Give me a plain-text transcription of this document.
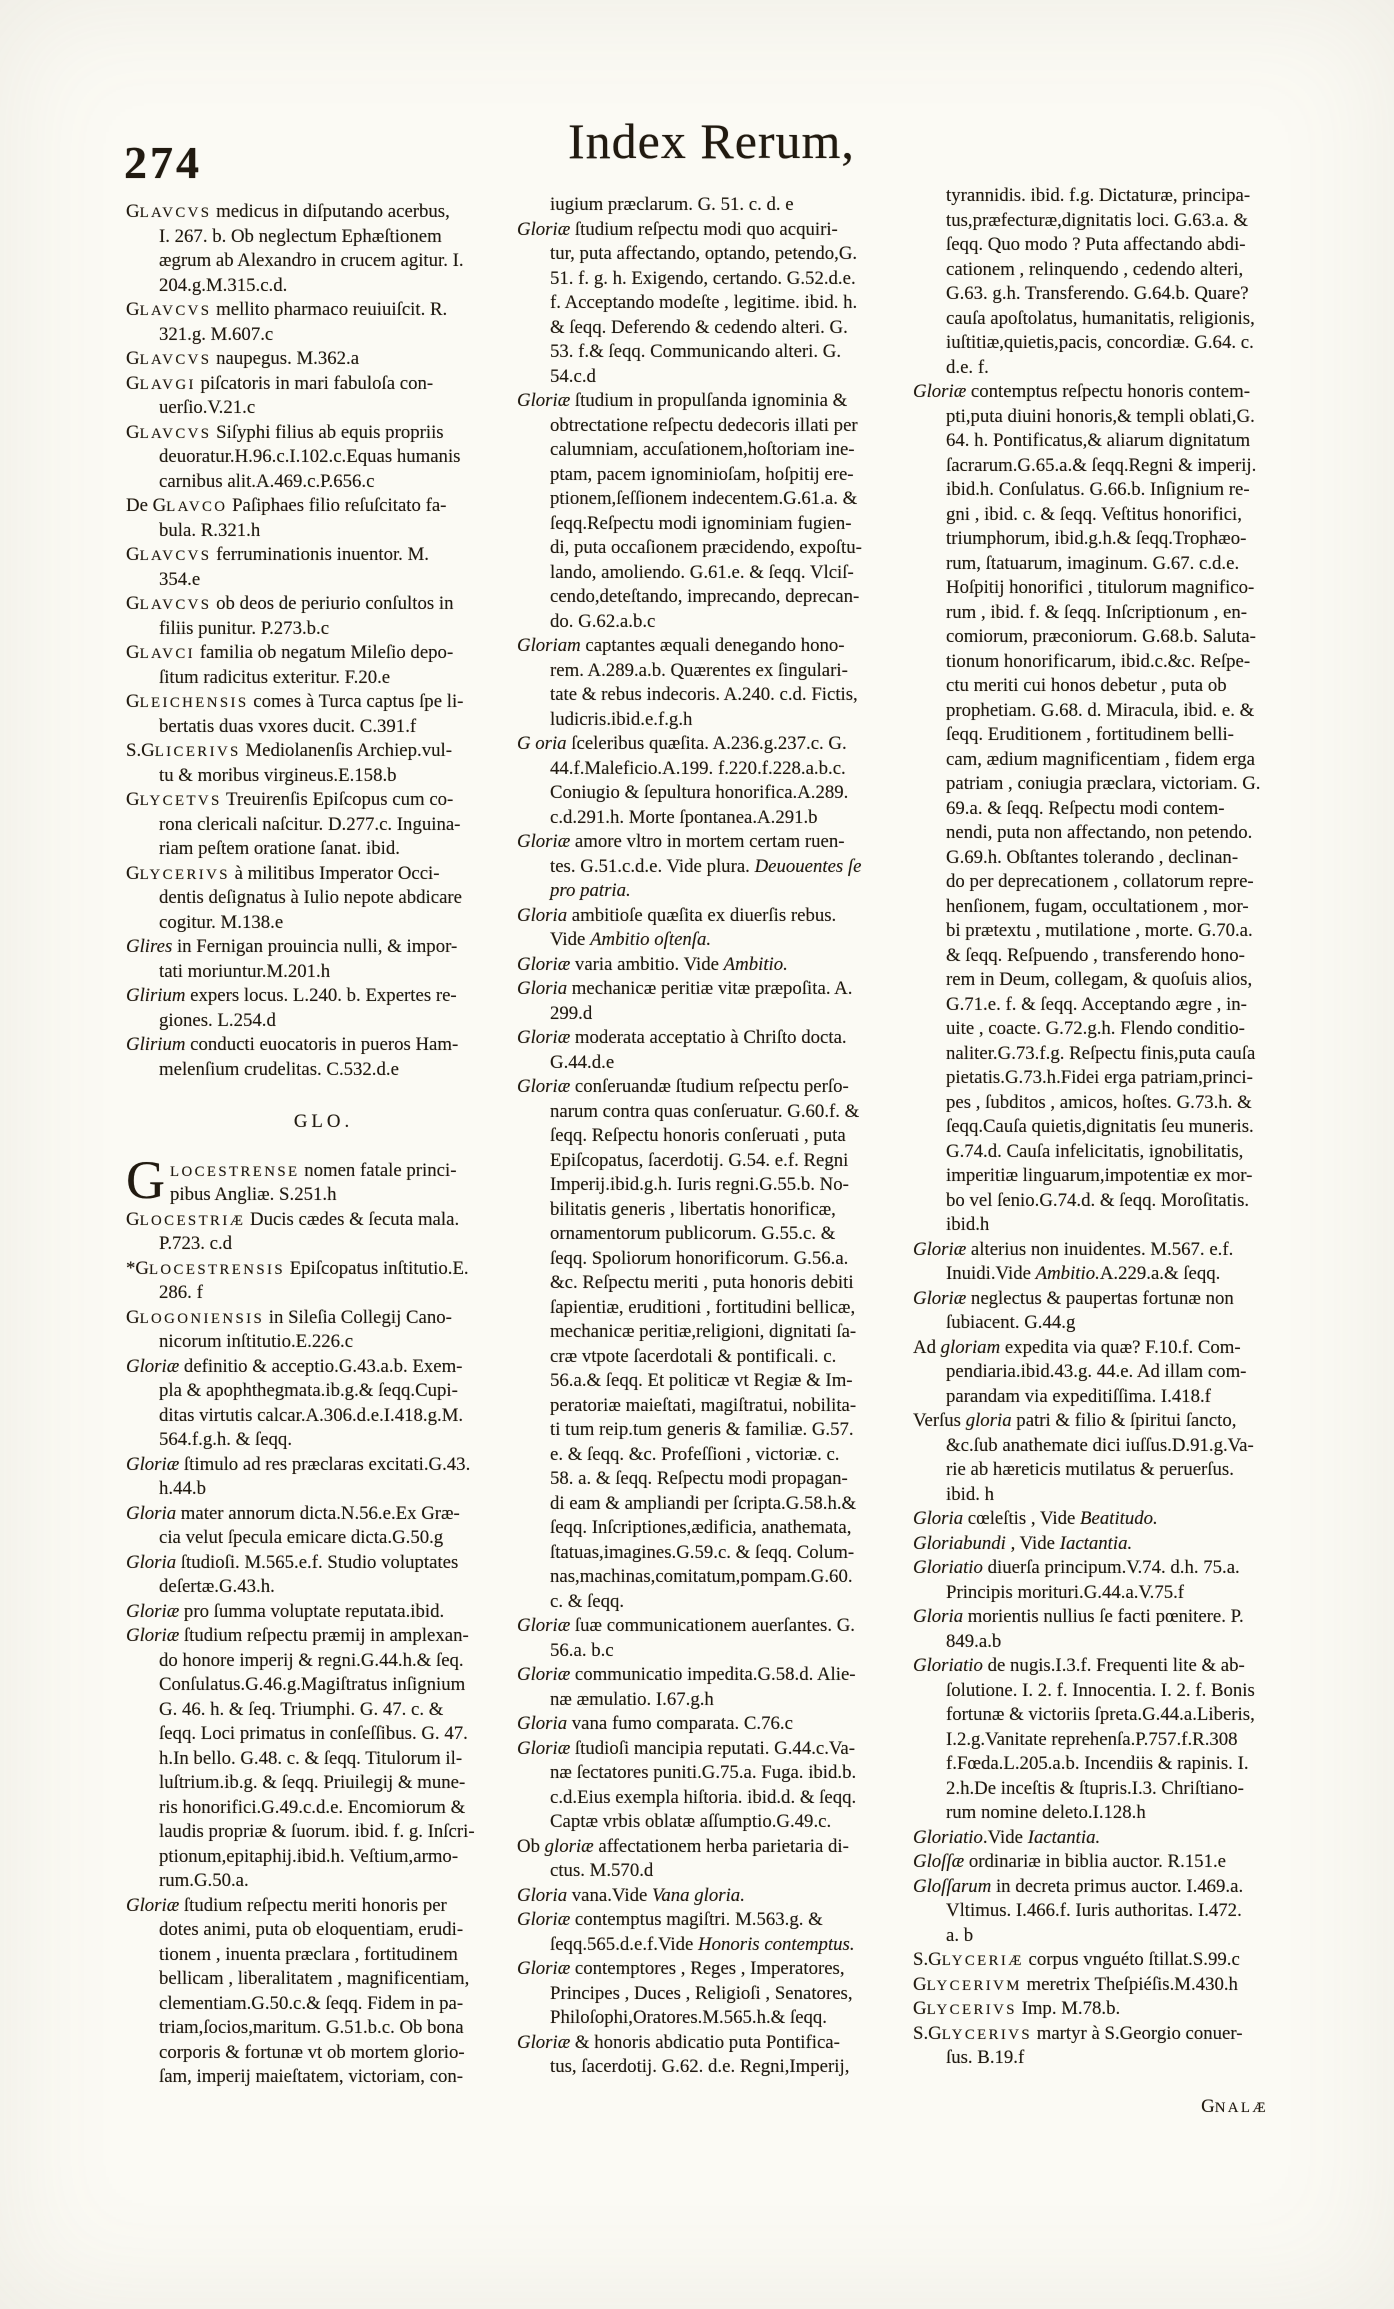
274	Index Rerum,
GLAVCVS medicus in diſputando acerbus,
I. 267. b. Ob neglectum Ephæſtionem
ægrum ab Alexandro in crucem agitur. I.
204.g.M.315.c.d.
GLAVCVS mellito pharmaco reuiuiſcit. R.
321.g. M.607.c
GLAVCVS naupegus. M.362.a
GLAVGI piſcatoris in mari fabuloſa con-
uerſio.V.21.c
GLAVCVS Siſyphi filius ab equis propriis
deuoratur.H.96.c.I.102.c.Equas humanis
carnibus alit.A.469.c.P.656.c
De GLAVCO Paſiphaes filio reſuſcitato fa-
bula. R.321.h
GLAVCVS ferruminationis inuentor. M.
354.e
GLAVCVS ob deos de periurio conſultos in
filiis punitur. P.273.b.c
GLAVCI familia ob negatum Mileſio depo-
ſitum radicitus exteritur. F.20.e
GLEICHENSIS comes à Turca captus ſpe li-
bertatis duas vxores ducit. C.391.f
S.GLICERIVS Mediolanenſis Archiep.vul-
tu & moribus virgineus.E.158.b
GLYCETVS Treuirenſis Epiſcopus cum co-
rona clericali naſcitur. D.277.c. Inguina-
riam peſtem oratione ſanat. ibid.
GLYCERIVS à militibus Imperator Occi-
dentis deſignatus à Iulio nepote abdicare
cogitur. M.138.e
Glires in Fernigan prouincia nulli, & impor-
tati moriuntur.M.201.h
Glirium expers locus. L.240. b. Expertes re-
giones. L.254.d
Glirium conducti euocatoris in pueros Ham-
melenſium crudelitas. C.532.d.e

GLO.

GLOCESTRENSE nomen fatale princi-
pibus Angliæ. S.251.h
GLOCESTRIÆ Ducis cædes & ſecuta mala.
P.723. c.d
*GLOCESTRENSIS Epiſcopatus inſtitutio.E.
286. f
GLOGONIENSIS in Sileſia Collegij Cano-
nicorum inſtitutio.E.226.c
Gloriæ definitio & acceptio.G.43.a.b. Exem-
pla & apophthegmata.ib.g.& ſeqq.Cupi-
ditas virtutis calcar.A.306.d.e.I.418.g.M.
564.f.g.h. & ſeqq.
Gloriæ ſtimulo ad res præclaras excitati.G.43.
h.44.b
Gloria mater annorum dicta.N.56.e.Ex Græ-
cia velut ſpecula emicare dicta.G.50.g
Gloria ſtudioſi. M.565.e.f. Studio voluptates
deſertæ.G.43.h.
Gloriæ pro ſumma voluptate reputata.ibid.
Gloriæ ſtudium reſpectu præmij in amplexan-
do honore imperij & regni.G.44.h.& ſeq.
Conſulatus.G.46.g.Magiſtratus inſignium
G. 46. h. & ſeq. Triumphi. G. 47. c. &
ſeqq. Loci primatus in conſeſſibus. G. 47.
h.In bello. G.48. c. & ſeqq. Titulorum il-
luſtrium.ib.g. & ſeqq. Priuilegij & mune-
ris honorifici.G.49.c.d.e. Encomiorum &
laudis propriæ & ſuorum. ibid. f. g. Inſcri-
ptionum,epitaphij.ibid.h. Veſtium,armo-
rum.G.50.a.
Gloriæ ſtudium reſpectu meriti honoris per
dotes animi, puta ob eloquentiam, erudi-
tionem , inuenta præclara , fortitudinem
bellicam , liberalitatem , magnificentiam,
clementiam.G.50.c.& ſeqq. Fidem in pa-
triam,ſocios,maritum. G.51.b.c. Ob bona
corporis & fortunæ vt ob mortem glorio-
ſam, imperij maieſtatem, victoriam, con-
iugium præclarum. G. 51. c. d. e
Gloriæ ſtudium reſpectu modi quo acquiri-
tur, puta affectando, optando, petendo,G.
51. f. g. h. Exigendo, certando. G.52.d.e.
f. Acceptando modeſte , legitime. ibid. h.
& ſeqq. Deferendo & cedendo alteri. G.
53. f.& ſeqq. Communicando alteri. G.
54.c.d
Gloriæ ſtudium in propulſanda ignominia &
obtrectatione reſpectu dedecoris illati per
calumniam, accuſationem,hoſtoriam ine-
ptam, pacem ignominioſam, hoſpitij ere-
ptionem,ſeſſionem indecentem.G.61.a. &
ſeqq.Reſpectu modi ignominiam fugien-
di, puta occaſionem præcidendo, expoſtu-
lando, amoliendo. G.61.e. & ſeqq. Vlciſ-
cendo,deteſtando, imprecando, deprecan-
do. G.62.a.b.c
Gloriam captantes æquali denegando hono-
rem. A.289.a.b. Quærentes ex ſingulari-
tate & rebus indecoris. A.240. c.d. Fictis,
ludicris.ibid.e.f.g.h
G oria ſceleribus quæſita. A.236.g.237.c. G.
44.f.Maleficio.A.199. f.220.f.228.a.b.c.
Coniugio & ſepultura honorifica.A.289.
c.d.291.h. Morte ſpontanea.A.291.b
Gloriæ amore vltro in mortem certam ruen-
tes. G.51.c.d.e. Vide plura. Deuouentes ſe
pro patria.
Gloria ambitioſe quæſita ex diuerſis rebus.
Vide Ambitio oſtenſa.
Gloriæ varia ambitio. Vide Ambitio.
Gloria mechanicæ peritiæ vitæ præpoſita. A.
299.d
Gloriæ moderata acceptatio à Chriſto docta.
G.44.d.e
Gloriæ conſeruandæ ſtudium reſpectu perſo-
narum contra quas conſeruatur. G.60.f. &
ſeqq. Reſpectu honoris conſeruati , puta
Epiſcopatus, ſacerdotij. G.54. e.f. Regni
Imperij.ibid.g.h. Iuris regni.G.55.b. No-
bilitatis generis , libertatis honorificæ,
ornamentorum publicorum. G.55.c. &
ſeqq. Spoliorum honorificorum. G.56.a.
&c. Reſpectu meriti , puta honoris debiti
ſapientiæ, eruditioni , fortitudini bellicæ,
mechanicæ peritiæ,religioni, dignitati ſa-
cræ vtpote ſacerdotali & pontificali. c.
56.a.& ſeqq. Et politicæ vt Regiæ & Im-
peratoriæ maieſtati, magiſtratui, nobilita-
ti tum reip.tum generis & familiæ. G.57.
e. & ſeqq. &c. Profeſſioni , victoriæ. c.
58. a. & ſeqq. Reſpectu modi propagan-
di eam & ampliandi per ſcripta.G.58.h.&
ſeqq. Inſcriptiones,ædificia, anathemata,
ſtatuas,imagines.G.59.c. & ſeqq. Colum-
nas,machinas,comitatum,pompam.G.60.
c. & ſeqq.
Gloriæ ſuæ communicationem auerſantes. G.
56.a. b.c
Gloriæ communicatio impedita.G.58.d. Alie-
næ æmulatio. I.67.g.h
Gloria vana fumo comparata. C.76.c
Gloriæ ſtudioſi mancipia reputati. G.44.c.Va-
næ ſectatores puniti.G.75.a. Fuga. ibid.b.
c.d.Eius exempla hiſtoria. ibid.d. & ſeqq.
Captæ vrbis oblatæ aſſumptio.G.49.c.
Ob gloriæ affectationem herba parietaria di-
ctus. M.570.d
Gloria vana.Vide Vana gloria.
Gloriæ contemptus magiſtri. M.563.g. &
ſeqq.565.d.e.f.Vide Honoris contemptus.
Gloriæ contemptores , Reges , Imperatores,
Principes , Duces , Religioſi , Senatores,
Philoſophi,Oratores.M.565.h.& ſeqq.
Gloriæ & honoris abdicatio puta Pontifica-
tus, ſacerdotij. G.62. d.e. Regni,Imperij,
tyrannidis. ibid. f.g. Dictaturæ, principa-
tus,præfecturæ,dignitatis loci. G.63.a. &
ſeqq. Quo modo ? Puta affectando abdi-
cationem , relinquendo , cedendo alteri,
G.63. g.h. Transferendo. G.64.b. Quare?
cauſa apoſtolatus, humanitatis, religionis,
iuſtitiæ,quietis,pacis, concordiæ. G.64. c.
d.e. f.
Gloriæ contemptus reſpectu honoris contem-
pti,puta diuini honoris,& templi oblati,G.
64. h. Pontificatus,& aliarum dignitatum
ſacrarum.G.65.a.& ſeqq.Regni & imperij.
ibid.h. Conſulatus. G.66.b. Inſignium re-
gni , ibid. c. & ſeqq. Veſtitus honorifici,
triumphorum, ibid.g.h.& ſeqq.Trophæo-
rum, ſtatuarum, imaginum. G.67. c.d.e.
Hoſpitij honorifici , titulorum magnifico-
rum , ibid. f. & ſeqq. Inſcriptionum , en-
comiorum, præconiorum. G.68.b. Saluta-
tionum honorificarum, ibid.c.&c. Reſpe-
ctu meriti cui honos debetur , puta ob
prophetiam. G.68. d. Miracula, ibid. e. &
ſeqq. Eruditionem , fortitudinem belli-
cam, ædium magnificentiam , fidem erga
patriam , coniugia præclara, victoriam. G.
69.a. & ſeqq. Reſpectu modi contem-
nendi, puta non affectando, non petendo.
G.69.h. Obſtantes tolerando , declinan-
do per deprecationem , collatorum repre-
henſionem, fugam, occultationem , mor-
bi prætextu , mutilatione , morte. G.70.a.
& ſeqq. Reſpuendo , transferendo hono-
rem in Deum, collegam, & quoſuis alios,
G.71.e. f. & ſeqq. Acceptando ægre , in-
uite , coacte. G.72.g.h. Flendo conditio-
naliter.G.73.f.g. Reſpectu finis,puta cauſa
pietatis.G.73.h.Fidei erga patriam,princi-
pes , ſubditos , amicos, hoſtes. G.73.h. &
ſeqq.Cauſa quietis,dignitatis ſeu muneris.
G.74.d. Cauſa infelicitatis, ignobilitatis,
imperitiæ linguarum,impotentiæ ex mor-
bo vel ſenio.G.74.d. & ſeqq. Moroſitatis.
ibid.h
Gloriæ alterius non inuidentes. M.567. e.f.
Inuidi.Vide Ambitio.A.229.a.& ſeqq.
Gloriæ neglectus & paupertas fortunæ non
ſubiacent. G.44.g
Ad gloriam expedita via quæ? F.10.f. Com-
pendiaria.ibid.43.g. 44.e. Ad illam com-
parandam via expeditiſſima. I.418.f
Verſus gloria patri & filio & ſpiritui ſancto,
&c.ſub anathemate dici iuſſus.D.91.g.Va-
rie ab hæreticis mutilatus & peruerſus.
ibid. h
Gloria cœleſtis , Vide Beatitudo.
Gloriabundi , Vide Iactantia.
Gloriatio diuerſa principum.V.74. d.h. 75.a.
Principis morituri.G.44.a.V.75.f
Gloria morientis nullius ſe facti pœnitere. P.
849.a.b
Gloriatio de nugis.I.3.f. Frequenti lite & ab-
ſolutione. I. 2. f. Innocentia. I. 2. f. Bonis
fortunæ & victoriis ſpreta.G.44.a.Liberis,
I.2.g.Vanitate reprehenſa.P.757.f.R.308
f.Fœda.L.205.a.b. Incendiis & rapinis. I.
2.h.De inceſtis & ſtupris.I.3. Chriſtiano-
rum nomine deleto.I.128.h
Gloriatio.Vide Iactantia.
Gloſſæ ordinariæ in biblia auctor. R.151.e
Gloſſarum in decreta primus auctor. I.469.a.
Vltimus. I.466.f. Iuris authoritas. I.472.
a. b
S.GLYCERIÆ corpus vnguéto ſtillat.S.99.c
GLYCERIVM meretrix Theſpiéſis.M.430.h
GLYCERIVS Imp. M.78.b.
S.GLYCERIVS martyr à S.Georgio conuer-
ſus. B.19.f

GNALÆ
